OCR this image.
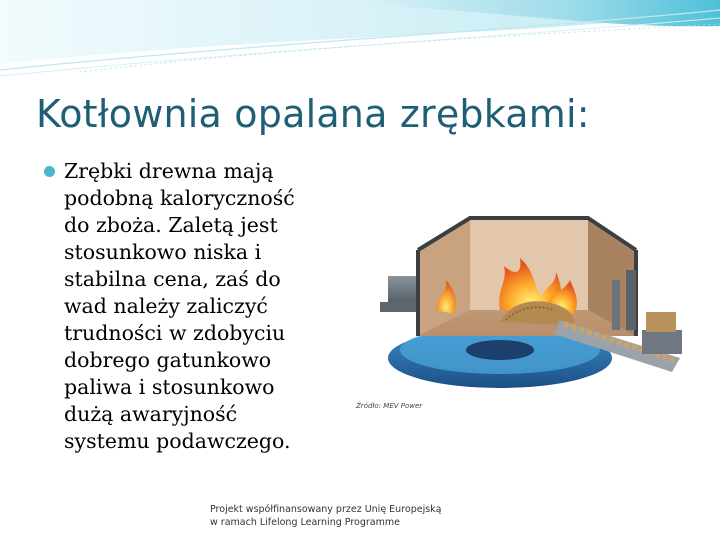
Kotłownia opalana zrębkami:
Zrębki drewna mają podobną kaloryczność do zboża. Zaletą jest stosunkowo niska i stabilna cena, zaś do wad należy zaliczyć trudności w zdobyciu dobrego gatunkowo paliwa i stosunkowo dużą awaryjność systemu podawczego.
Źródło: MEV Power
Projekt współfinansowany przez Unię Europejską
w ramach Lifelong Learning Programme
